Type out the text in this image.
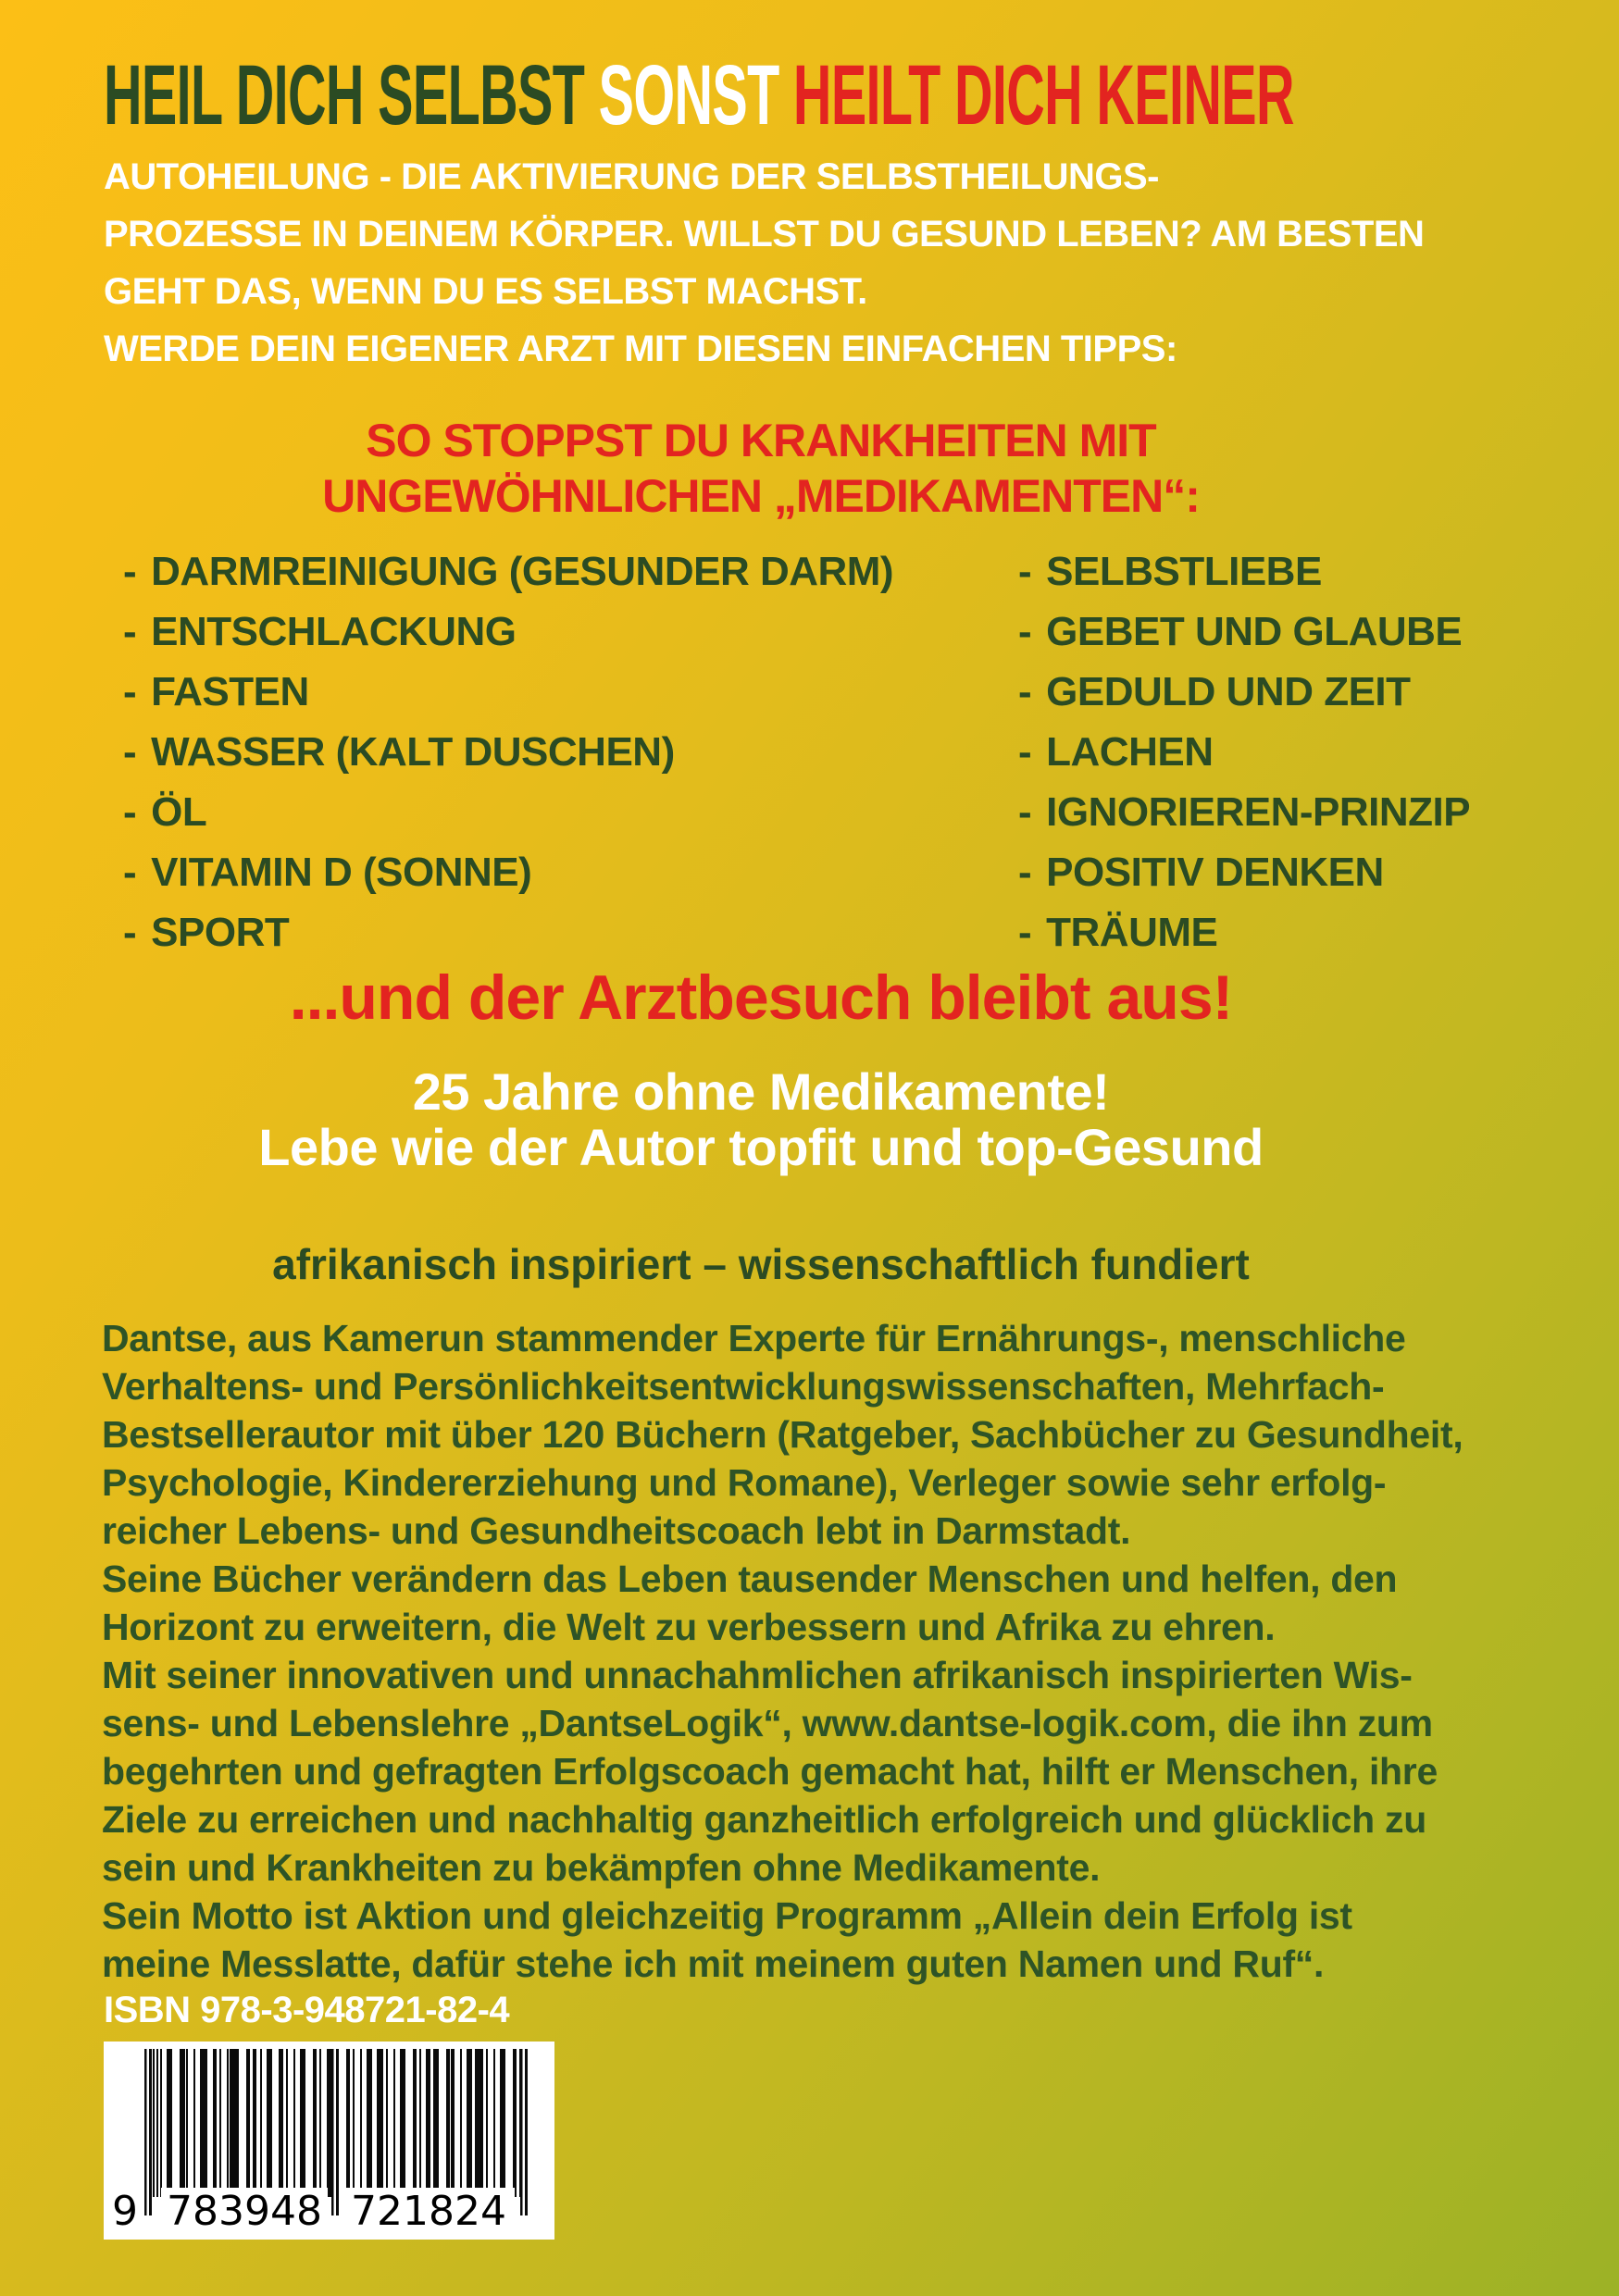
HEIL DICH SELBST SONST HEILT DICH KEINER
AUTOHEILUNG - DIE AKTIVIERUNG DER SELBSTHEILUNGS-
PROZESSE IN DEINEM KÖRPER. WILLST DU GESUND LEBEN? AM BESTEN
GEHT DAS, WENN DU ES SELBST MACHST.
WERDE DEIN EIGENER ARZT MIT DIESEN EINFACHEN TIPPS:
SO STOPPST DU KRANKHEITEN MIT
UNGEWÖHNLICHEN „MEDIKAMENTEN“:
- DARMREINIGUNG (GESUNDER DARM)
- ENTSCHLACKUNG
- FASTEN
- WASSER (KALT DUSCHEN)
- ÖL
- VITAMIN D (SONNE)
- SPORT
- SELBSTLIEBE
- GEBET UND GLAUBE
- GEDULD UND ZEIT
- LACHEN
- IGNORIEREN-PRINZIP
- POSITIV DENKEN
- TRÄUME
...und der Arztbesuch bleibt aus!
25 Jahre ohne Medikamente!
Lebe wie der Autor topfit und top-Gesund
afrikanisch inspiriert – wissenschaftlich fundiert
Dantse, aus Kamerun stammender Experte für Ernährungs-, menschliche
Verhaltens- und Persönlichkeitsentwicklungswissenschaften, Mehrfach-
Bestsellerautor mit über 120 Büchern (Ratgeber, Sachbücher zu Gesundheit,
Psychologie, Kindererziehung und Romane), Verleger sowie sehr erfolg-
reicher Lebens- und Gesundheitscoach lebt in Darmstadt.
Seine Bücher verändern das Leben tausender Menschen und helfen, den
Horizont zu erweitern, die Welt zu verbessern und Afrika zu ehren.
Mit seiner innovativen und unnachahmlichen afrikanisch inspirierten Wis-
sens- und Lebenslehre „DantseLogik“, www.dantse-logik.com, die ihn zum
begehrten und gefragten Erfolgscoach gemacht hat, hilft er Menschen, ihre
Ziele zu erreichen und nachhaltig ganzheitlich erfolgreich und glücklich zu
sein und Krankheiten zu bekämpfen ohne Medikamente.
Sein Motto ist Aktion und gleichzeitig Programm „Allein dein Erfolg ist
meine Messlatte, dafür stehe ich mit meinem guten Namen und Ruf“.
ISBN 978-3-948721-82-4
9 783948 721824
